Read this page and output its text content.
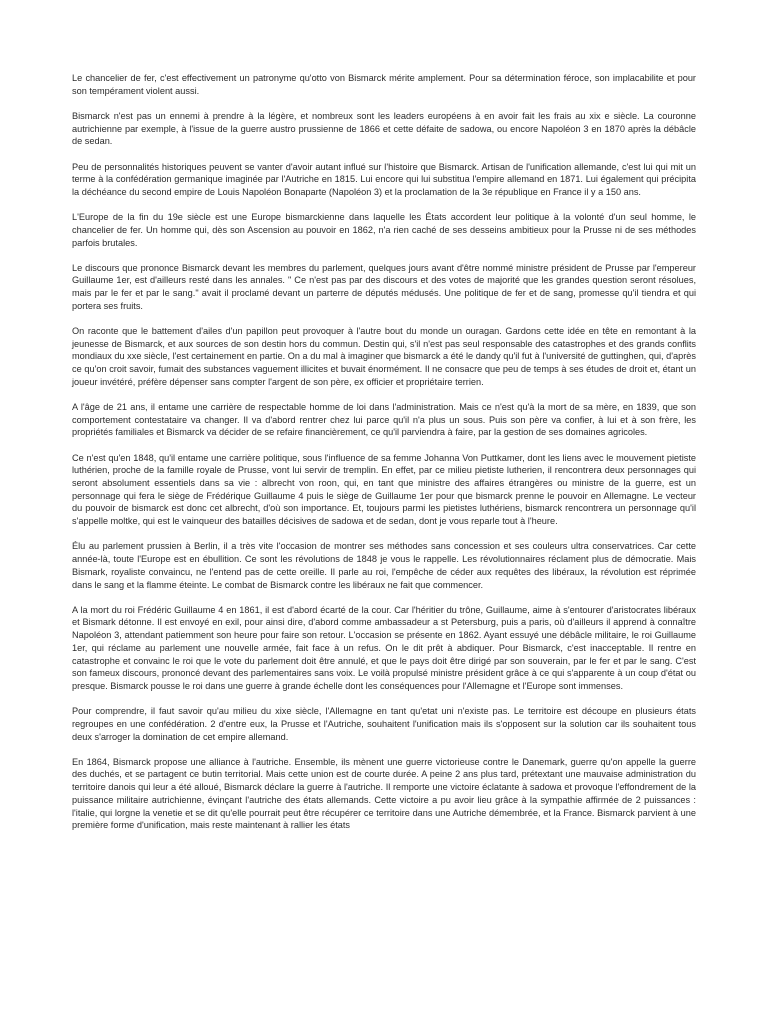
Le chancelier de fer, c'est effectivement un patronyme qu'otto von Bismarck mérite amplement. Pour sa détermination féroce, son implacabilite et pour son tempérament violent aussi.

Bismarck n'est pas un ennemi à prendre à la légère, et nombreux sont les leaders européens à en avoir fait les frais au xix e siècle. La couronne autrichienne par exemple, à l'issue de la guerre austro prussienne de 1866 et cette défaite de sadowa, ou encore Napoléon 3 en 1870 après la débâcle de sedan.

Peu de personnalités historiques peuvent se vanter d'avoir autant influé sur l'histoire que Bismarck. Artisan de l'unification allemande, c'est lui qui mit un terme à la confédération germanique imaginée par l'Autriche en 1815. Lui encore qui lui substitua l'empire allemand en 1871. Lui également qui précipita la déchéance du second empire de Louis Napoléon Bonaparte (Napoléon 3) et la proclamation de la 3e république en France il y a 150 ans.

L'Europe de la fin du 19e siècle est une Europe bismarckienne dans laquelle les États accordent leur politique à la volonté d'un seul homme, le chancelier de fer. Un homme qui, dès son Ascension au pouvoir en 1862, n'a rien caché de ses desseins ambitieux pour la Prusse ni de ses méthodes parfois brutales.

Le discours que prononce Bismarck devant les membres du parlement, quelques jours avant d'être nommé ministre président de Prusse par l'empereur Guillaume 1er, est d'ailleurs resté dans les annales. " Ce n'est pas par des discours et des votes de majorité que les grandes question seront résolues, mais par le fer et par le sang." avait il proclamé devant un parterre de députés médusés. Une politique de fer et de sang, promesse qu'il tiendra et qui portera ses fruits.

On raconte que le battement d'ailes d'un papillon peut provoquer à l'autre bout du monde un ouragan. Gardons cette idée en tête en remontant à la jeunesse de Bismarck, et aux sources de son destin hors du commun. Destin qui, s'il n'est pas seul responsable des catastrophes et des grands conflits mondiaux du xxe siècle, l'est certainement en partie. On a du mal à imaginer que bismarck a été le dandy qu'il fut à l'université de guttinghen, qui, d'après ce qu'on croit savoir, fumait des substances vaguement illicites et buvait énormément. Il ne consacre que peu de temps à ses études de droit et, étant un joueur invétéré, préfère dépenser sans compter l'argent de son père, ex officier et propriétaire terrien.

A l'âge de 21 ans, il entame une carrière de respectable homme de loi dans l'administration. Mais ce n'est qu'à la mort de sa mère, en 1839, que son comportement contestataire va changer. Il va d'abord rentrer chez lui parce qu'il n'a plus un sous. Puis son père va confier, à lui et à son frère, les propriétés familiales et Bismarck va décider de se refaire financièrement, ce qu'il parviendra à faire, par la gestion de ses domaines agricoles.

Ce n'est qu'en 1848, qu'il entame une carrière politique, sous l'influence de sa femme Johanna Von Puttkamer, dont les liens avec le mouvement pietiste luthérien, proche de la famille royale de Prusse, vont lui servir de tremplin. En effet, par ce milieu pietiste lutherien, il rencontrera deux personnages qui seront absolument essentiels dans sa vie : albrecht von roon, qui, en tant que ministre des affaires étrangères ou ministre de la guerre, est un personnage qui fera le siège de Frédérique Guillaume 4 puis le siège de Guillaume 1er pour que bismarck prenne le pouvoir en Allemagne. Le vecteur du pouvoir de bismarck est donc cet albrecht, d'où son importance. Et, toujours parmi les pietistes luthériens, bismarck rencontrera un personnage qu'il s'appelle moltke, qui est le vainqueur des batailles décisives de sadowa et de sedan, dont je vous reparle tout à l'heure.

Élu au parlement prussien à Berlin, il a très vite l'occasion de montrer ses méthodes sans concession et ses couleurs ultra conservatrices. Car cette année-là, toute l'Europe est en ébullition. Ce sont les révolutions de 1848 je vous le rappelle. Les révolutionnaires réclament plus de démocratie. Mais Bismark, royaliste convaincu, ne l'entend pas de cette oreille. Il parle au roi, l'empêche de céder aux requêtes des libéraux, la révolution est réprimée dans le sang et la flamme éteinte. Le combat de Bismarck contre les libéraux ne fait que commencer.

A la mort du roi Frédéric Guillaume 4 en 1861, il est d'abord écarté de la cour. Car l'héritier du trône, Guillaume, aime à s'entourer d'aristocrates libéraux et Bismark détonne. Il est envoyé en exil, pour ainsi dire, d'abord comme ambassadeur a st Petersburg, puis a paris, où d'ailleurs il apprend à connaître Napoléon 3, attendant patiemment son heure pour faire son retour. L'occasion se présente en 1862. Ayant essuyé une débâcle militaire, le roi Guillaume 1er, qui réclame au parlement une nouvelle armée, fait face à un refus. On le dit prêt à abdiquer. Pour Bismarck, c'est inacceptable. Il rentre en catastrophe et convainc le roi que le vote du parlement doit être annulé, et que le pays doit être dirigé par son souverain, par le fer et par le sang. C'est son fameux discours, prononcé devant des parlementaires sans voix. Le voilà propulsé ministre président grâce à ce qui s'apparente à un coup d'état ou presque. Bismarck pousse le roi dans une guerre à grande échelle dont les conséquences pour l'Allemagne et l'Europe sont immenses.

Pour comprendre, il faut savoir qu'au milieu du xixe siècle, l'Allemagne en tant qu'etat uni n'existe pas. Le territoire est découpe en plusieurs états regroupes en une confédération. 2 d'entre eux, la Prusse et l'Autriche, souhaitent l'unification mais ils s'opposent sur la solution car ils souhaitent tous deux s'arroger la domination de cet empire allemand.

En 1864, Bismarck propose une alliance à l'autriche. Ensemble, ils mènent une guerre victorieuse contre le Danemark, guerre qu'on appelle la guerre des duchés, et se partagent ce butin territorial. Mais cette union est de courte durée. A peine 2 ans plus tard, prétextant une mauvaise administration du territoire danois qui leur a été alloué, Bismarck déclare la guerre à l'autriche. Il remporte une victoire éclatante à sadowa et provoque l'effondrement de la puissance militaire autrichienne, évinçant l'autriche des états allemands. Cette victoire a pu avoir lieu grâce à la sympathie affirmée de 2 puissances : l'italie, qui lorgne la venetie et se dit qu'elle pourrait peut être récupérer ce territoire dans une Autriche démembrée, et la France. Bismarck parvient à une première forme d'unification, mais reste maintenant à rallier les états
